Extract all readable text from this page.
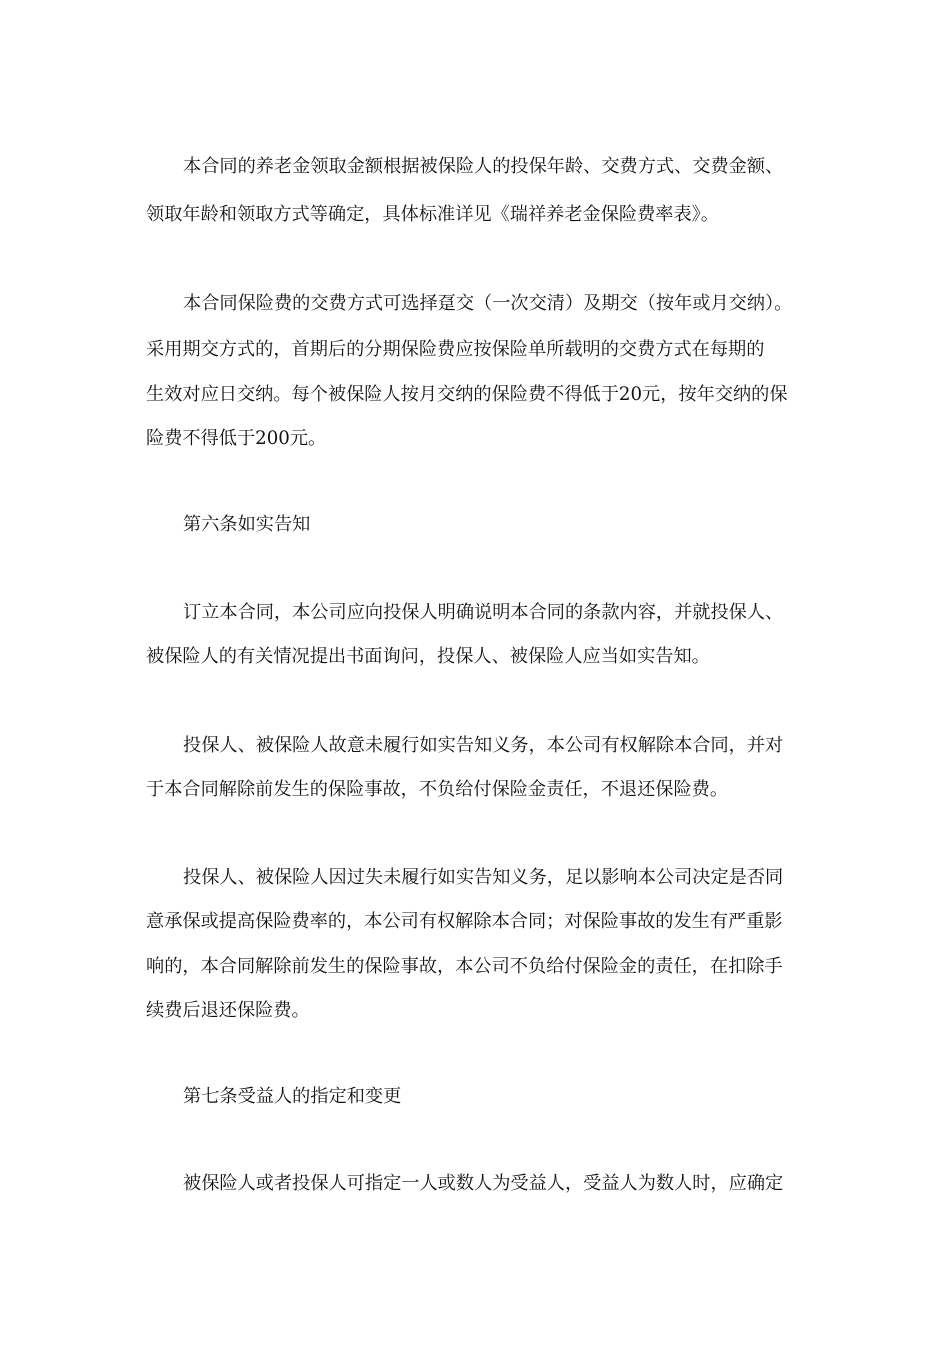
本合同的养老金领取金额根据被保险人的投保年龄、交费方式、交费金额、
领取年龄和领取方式等确定，具体标准详见《瑞祥养老金保险费率表》。
本合同保险费的交费方式可选择趸交（一次交清）及期交（按年或月交纳）。
采用期交方式的，首期后的分期保险费应按保险单所载明的交费方式在每期的
生效对应日交纳。每个被保险人按月交纳的保险费不得低于20元，按年交纳的保
险费不得低于200元。
第六条如实告知
订立本合同，本公司应向投保人明确说明本合同的条款内容，并就投保人、
被保险人的有关情况提出书面询问，投保人、被保险人应当如实告知。
投保人、被保险人故意未履行如实告知义务，本公司有权解除本合同，并对
于本合同解除前发生的保险事故，不负给付保险金责任，不退还保险费。
投保人、被保险人因过失未履行如实告知义务，足以影响本公司决定是否同
意承保或提高保险费率的，本公司有权解除本合同；对保险事故的发生有严重影
响的，本合同解除前发生的保险事故，本公司不负给付保险金的责任，在扣除手
续费后退还保险费。
第七条受益人的指定和变更
被保险人或者投保人可指定一人或数人为受益人，受益人为数人时，应确定
